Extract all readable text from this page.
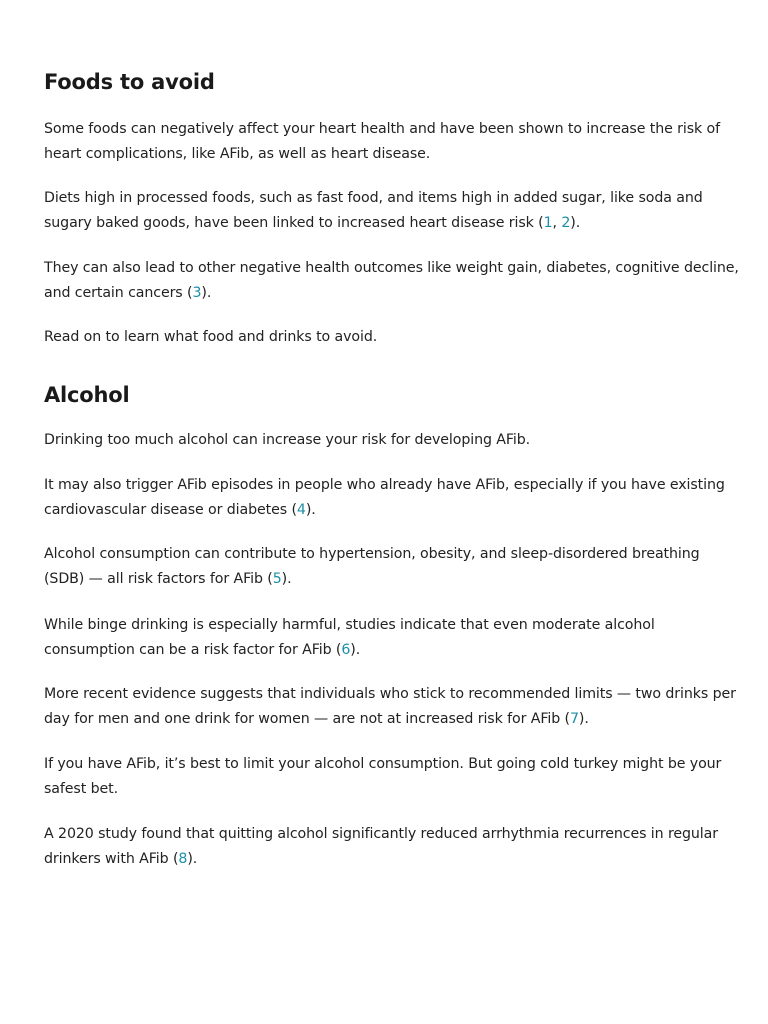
Foods to avoid

Some foods can negatively affect your heart health and have been shown to increase the risk of heart complications, like AFib, as well as heart disease.

Diets high in processed foods, such as fast food, and items high in added sugar, like soda and sugary baked goods, have been linked to increased heart disease risk (1, 2).

They can also lead to other negative health outcomes like weight gain, diabetes, cognitive decline, and certain cancers (3).

Read on to learn what food and drinks to avoid.

Alcohol

Drinking too much alcohol can increase your risk for developing AFib.

It may also trigger AFib episodes in people who already have AFib, especially if you have existing cardiovascular disease or diabetes (4).

Alcohol consumption can contribute to hypertension, obesity, and sleep-disordered breathing (SDB) — all risk factors for AFib (5).

While binge drinking is especially harmful, studies indicate that even moderate alcohol consumption can be a risk factor for AFib (6).

More recent evidence suggests that individuals who stick to recommended limits — two drinks per day for men and one drink for women — are not at increased risk for AFib (7).

If you have AFib, it’s best to limit your alcohol consumption. But going cold turkey might be your safest bet.

A 2020 study found that quitting alcohol significantly reduced arrhythmia recurrences in regular drinkers with AFib (8).
